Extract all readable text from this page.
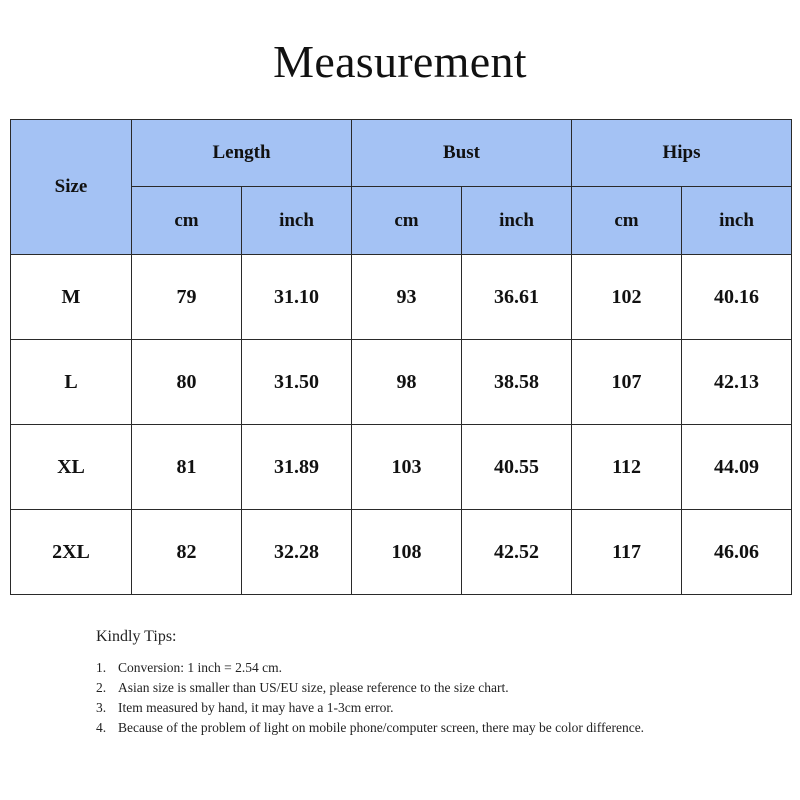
Measurement
Size	Length		Bust		Hips	
	cm	inch	cm	inch	cm	inch
M	79	31.10	93	36.61	102	40.16
L	80	31.50	98	38.58	107	42.13
XL	81	31.89	103	40.55	112	44.09
2XL	82	32.28	108	42.52	117	46.06
Kindly Tips:
1. Conversion: 1 inch = 2.54 cm.
2. Asian size is smaller than US/EU size, please reference to the size chart.
3. Item measured by hand, it may have a 1-3cm error.
4. Because of the problem of light on mobile phone/computer screen, there may be color difference.
